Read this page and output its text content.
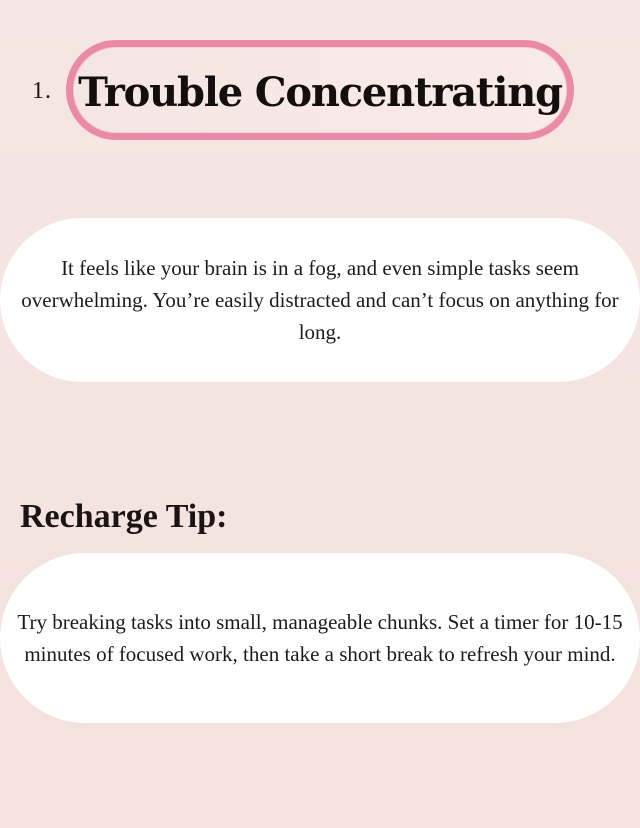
1. Trouble Concentrating
It feels like your brain is in a fog, and even simple tasks seem overwhelming. You’re easily distracted and can’t focus on anything for long.
Recharge Tip:
Try breaking tasks into small, manageable chunks. Set a timer for 10-15 minutes of focused work, then take a short break to refresh your mind.
